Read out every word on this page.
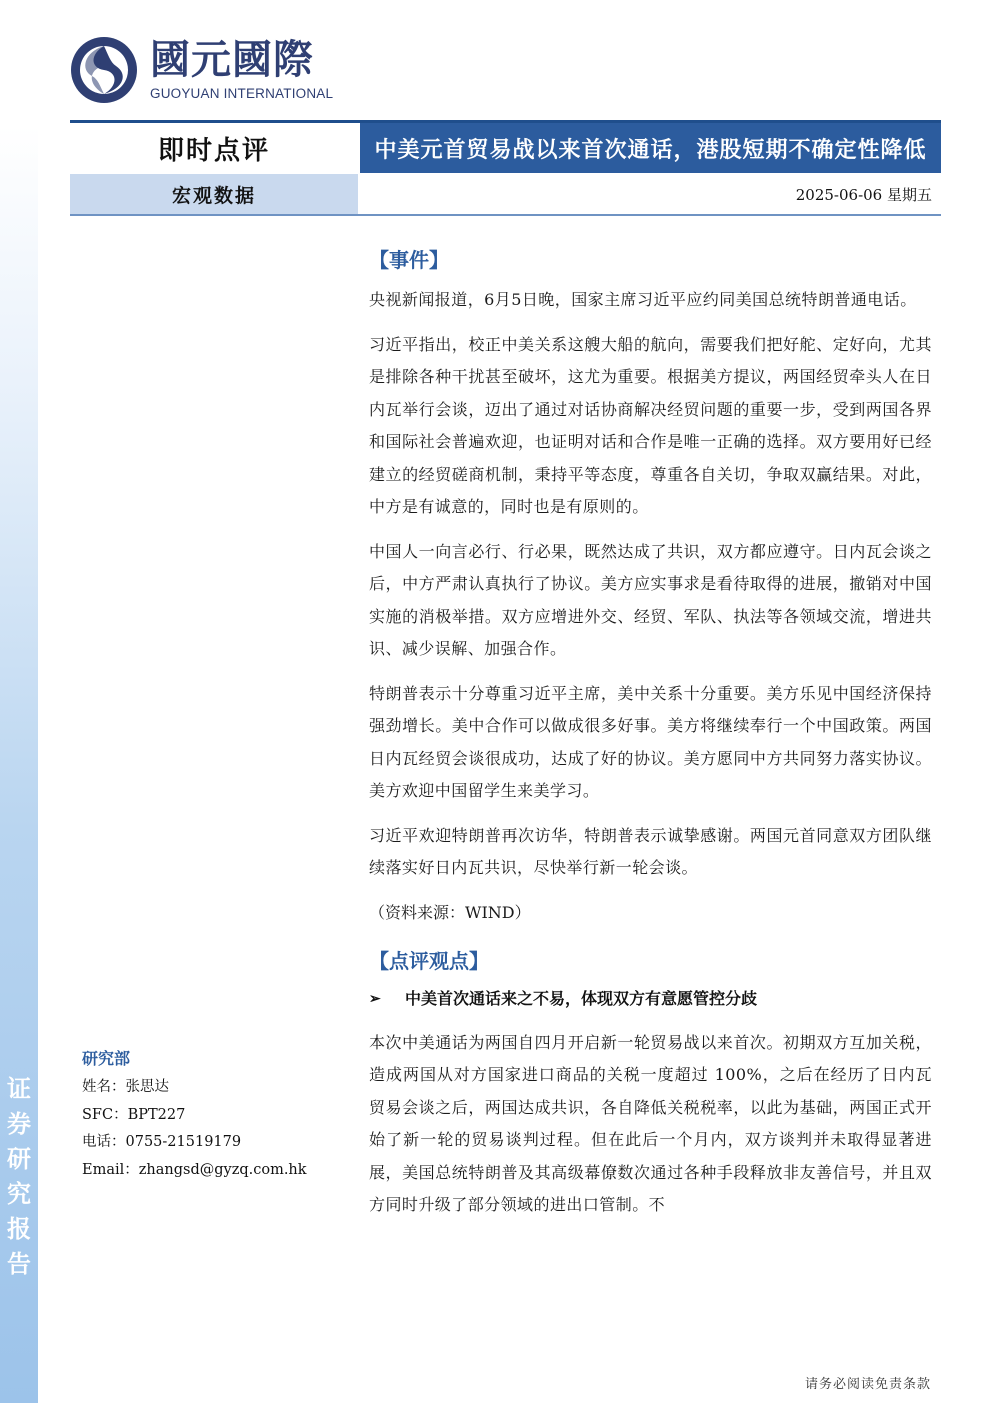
证
券
研
究
报
告
國元國際
GUOYUAN INTERNATIONAL
即时点评	中美元首贸易战以来首次通话，港股短期不确定性降低
宏观数据	2025-06-06 星期五
研究部
姓名：张思达
SFC：BPT227
电话：0755-21519179
Email：zhangsd@gyzq.com.hk
【事件】

央视新闻报道，6月5日晚，国家主席习近平应约同美国总统特朗普通电话。

习近平指出，校正中美关系这艘大船的航向，需要我们把好舵、定好向，尤其是排除各种干扰甚至破坏，这尤为重要。根据美方提议，两国经贸牵头人在日内瓦举行会谈，迈出了通过对话协商解决经贸问题的重要一步，受到两国各界和国际社会普遍欢迎，也证明对话和合作是唯一正确的选择。双方要用好已经建立的经贸磋商机制，秉持平等态度，尊重各自关切，争取双赢结果。对此，中方是有诚意的，同时也是有原则的。

中国人一向言必行、行必果，既然达成了共识，双方都应遵守。日内瓦会谈之后，中方严肃认真执行了协议。美方应实事求是看待取得的进展，撤销对中国实施的消极举措。双方应增进外交、经贸、军队、执法等各领域交流，增进共识、减少误解、加强合作。

特朗普表示十分尊重习近平主席，美中关系十分重要。美方乐见中国经济保持强劲增长。美中合作可以做成很多好事。美方将继续奉行一个中国政策。两国日内瓦经贸会谈很成功，达成了好的协议。美方愿同中方共同努力落实协议。美方欢迎中国留学生来美学习。

习近平欢迎特朗普再次访华，特朗普表示诚挚感谢。两国元首同意双方团队继续落实好日内瓦共识，尽快举行新一轮会谈。

（资料来源：WIND）
【点评观点】
➢	中美首次通话来之不易，体现双方有意愿管控分歧

本次中美通话为两国自四月开启新一轮贸易战以来首次。初期双方互加关税，造成两国从对方国家进口商品的关税一度超过 100%，之后在经历了日内瓦贸易会谈之后，两国达成共识，各自降低关税税率，以此为基础，两国正式开始了新一轮的贸易谈判过程。但在此后一个月内，双方谈判并未取得显著进展，美国总统特朗普及其高级幕僚数次通过各种手段释放非友善信号，并且双方同时升级了部分领域的进出口管制。不

请务必阅读免责条款
